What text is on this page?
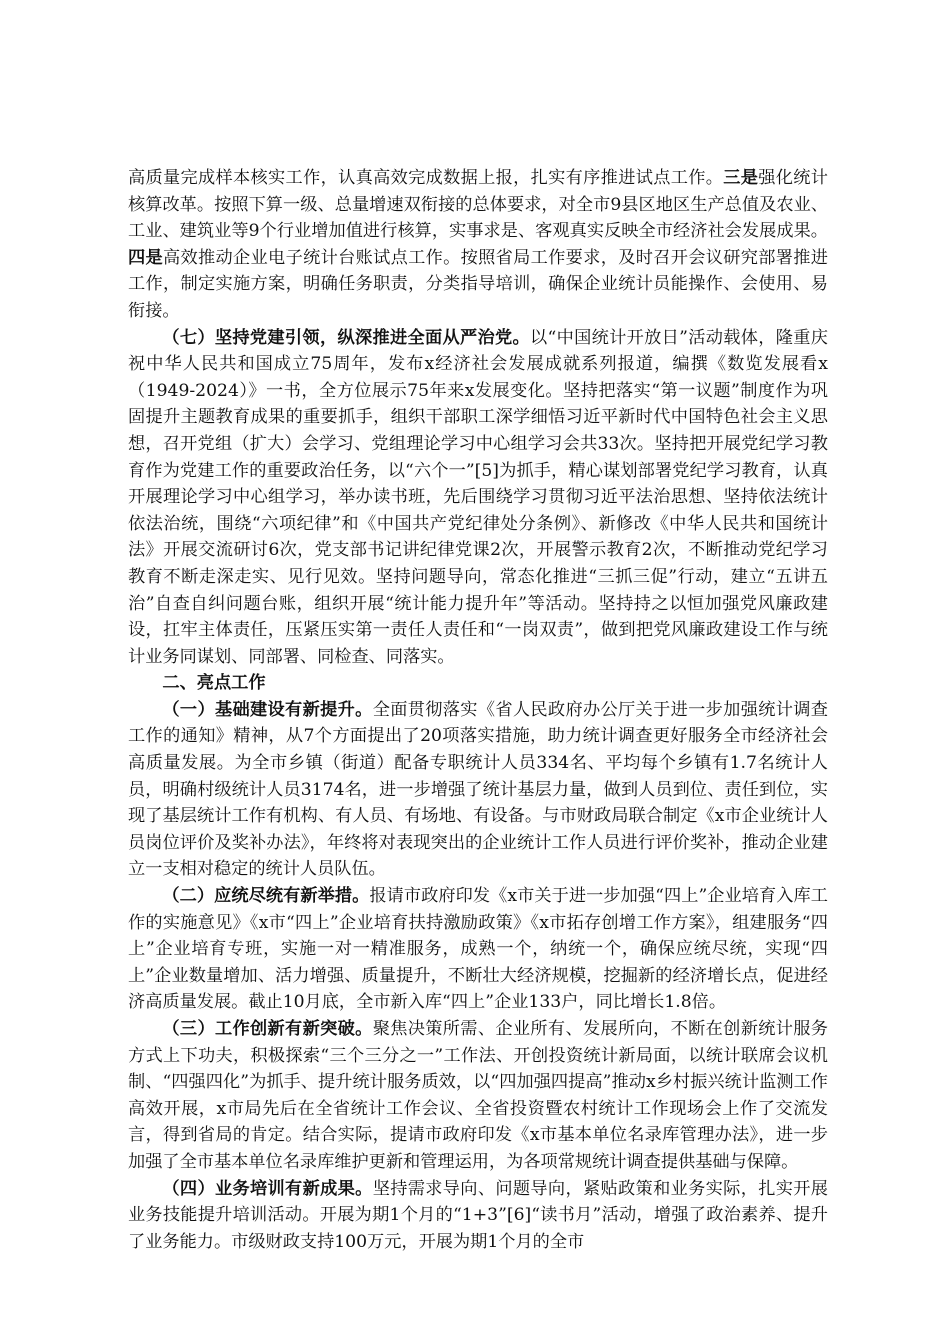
高质量完成样本核实工作，认真高效完成数据上报，扎实有序推进试点工作。三是强化统计核算改革。按照下算一级、总量增速双衔接的总体要求，对全市9县区地区生产总值及农业、工业、建筑业等9个行业增加值进行核算，实事求是、客观真实反映全市经济社会发展成果。四是高效推动企业电子统计台账试点工作。按照省局工作要求，及时召开会议研究部署推进工作，制定实施方案，明确任务职责，分类指导培训，确保企业统计员能操作、会使用、易衔接。

（七）坚持党建引领，纵深推进全面从严治党。以“中国统计开放日”活动载体，隆重庆祝中华人民共和国成立75周年，发布x经济社会发展成就系列报道，编撰《数览发展看x（1949-2024）》一书，全方位展示75年来x发展变化。坚持把落实“第一议题”制度作为巩固提升主题教育成果的重要抓手，组织干部职工深学细悟习近平新时代中国特色社会主义思想，召开党组（扩大）会学习、党组理论学习中心组学习会共33次。坚持把开展党纪学习教育作为党建工作的重要政治任务，以“六个一”[5]为抓手，精心谋划部署党纪学习教育，认真开展理论学习中心组学习，举办读书班，先后围绕学习贯彻习近平法治思想、坚持依法统计依法治统，围绕“六项纪律”和《中国共产党纪律处分条例》、新修改《中华人民共和国统计法》开展交流研讨6次，党支部书记讲纪律党课2次，开展警示教育2次，不断推动党纪学习教育不断走深走实、见行见效。坚持问题导向，常态化推进“三抓三促”行动，建立“五讲五治”自查自纠问题台账，组织开展“统计能力提升年”等活动。坚持持之以恒加强党风廉政建设，扛牢主体责任，压紧压实第一责任人责任和“一岗双责”，做到把党风廉政建设工作与统计业务同谋划、同部署、同检查、同落实。

二、亮点工作

（一）基础建设有新提升。全面贯彻落实《省人民政府办公厅关于进一步加强统计调查工作的通知》精神，从7个方面提出了20项落实措施，助力统计调查更好服务全市经济社会高质量发展。为全市乡镇（街道）配备专职统计人员334名、平均每个乡镇有1.7名统计人员，明确村级统计人员3174名，进一步增强了统计基层力量，做到人员到位、责任到位，实现了基层统计工作有机构、有人员、有场地、有设备。与市财政局联合制定《x市企业统计人员岗位评价及奖补办法》，年终将对表现突出的企业统计工作人员进行评价奖补，推动企业建立一支相对稳定的统计人员队伍。

（二）应统尽统有新举措。报请市政府印发《x市关于进一步加强“四上”企业培育入库工作的实施意见》《x市“四上”企业培育扶持激励政策》《x市拓存创增工作方案》，组建服务“四上”企业培育专班，实施一对一精准服务，成熟一个，纳统一个，确保应统尽统，实现“四上”企业数量增加、活力增强、质量提升，不断壮大经济规模，挖掘新的经济增长点，促进经济高质量发展。截止10月底，全市新入库“四上”企业133户，同比增长1.8倍。

（三）工作创新有新突破。聚焦决策所需、企业所有、发展所向，不断在创新统计服务方式上下功夫，积极探索“三个三分之一”工作法、开创投资统计新局面，以统计联席会议机制、“四强四化”为抓手、提升统计服务质效，以“四加强四提高”推动x乡村振兴统计监测工作高效开展，x市局先后在全省统计工作会议、全省投资暨农村统计工作现场会上作了交流发言，得到省局的肯定。结合实际，提请市政府印发《x市基本单位名录库管理办法》，进一步加强了全市基本单位名录库维护更新和管理运用，为各项常规统计调查提供基础与保障。

（四）业务培训有新成果。坚持需求导向、问题导向，紧贴政策和业务实际，扎实开展业务技能提升培训活动。开展为期1个月的“1+3”[6]“读书月”活动，增强了政治素养、提升了业务能力。市级财政支持100万元，开展为期1个月的全市
